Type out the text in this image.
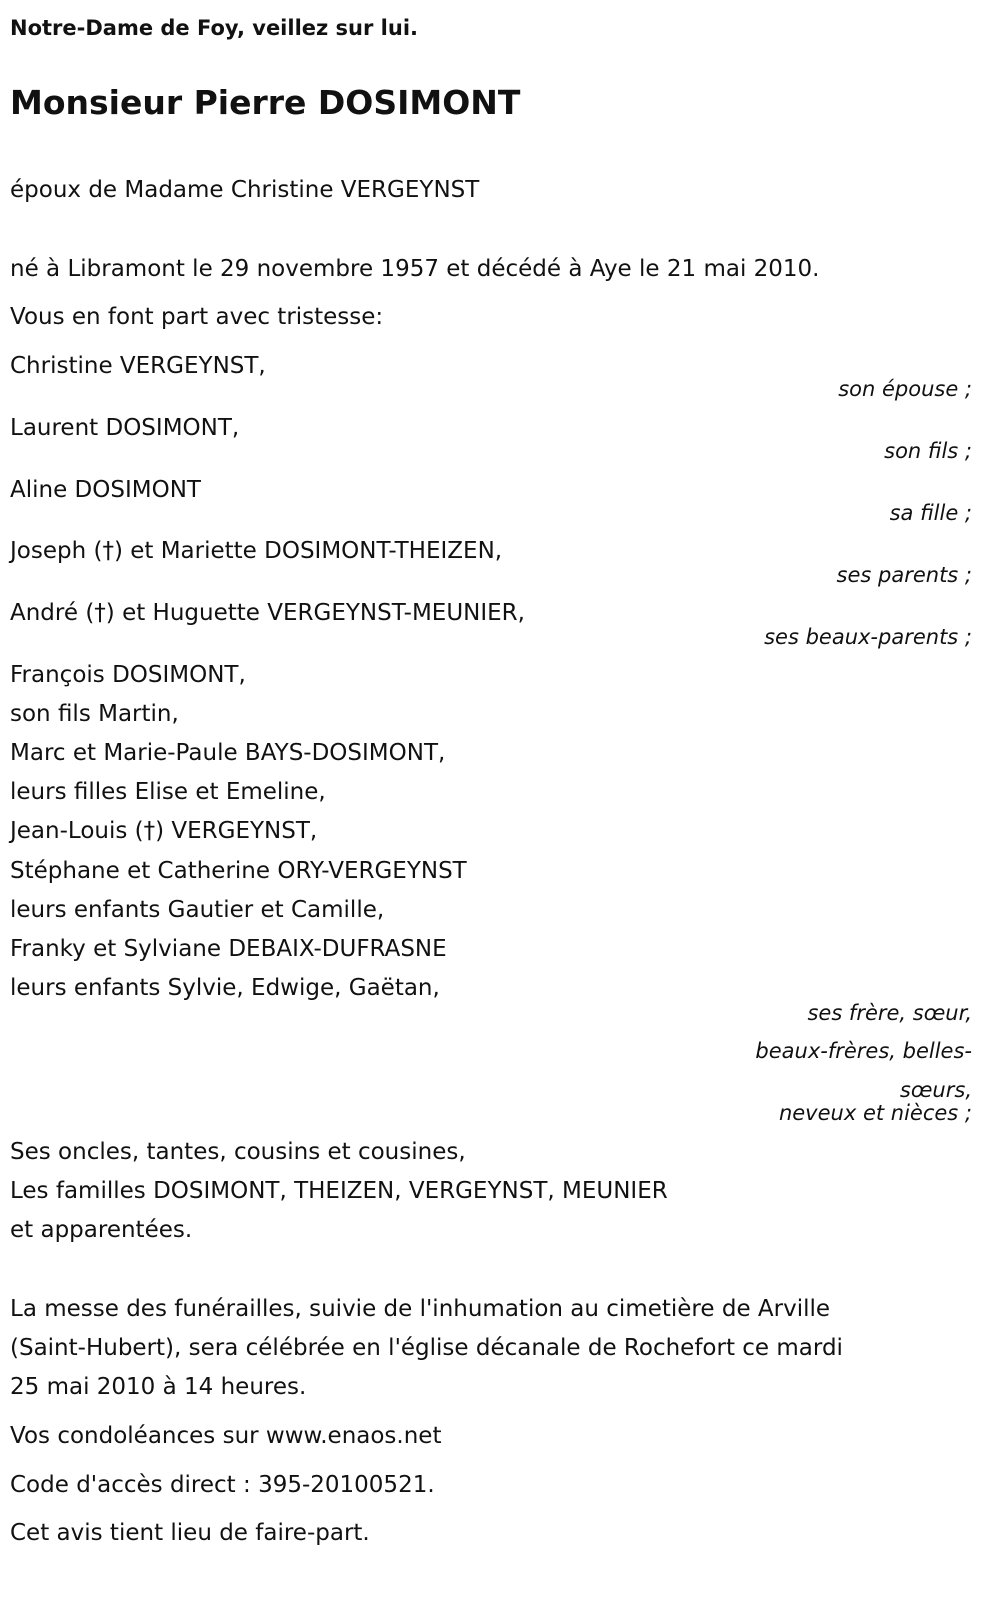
Notre-Dame de Foy, veillez sur lui.
Monsieur Pierre DOSIMONT
époux de Madame Christine VERGEYNST
né à Libramont le 29 novembre 1957 et décédé à Aye le 21 mai 2010.
Vous en font part avec tristesse:
Christine VERGEYNST,
son épouse ;
Laurent DOSIMONT,
son fils ;
Aline DOSIMONT
sa fille ;
Joseph (†) et Mariette DOSIMONT-THEIZEN,
ses parents ;
André (†) et Huguette VERGEYNST-MEUNIER,
ses beaux-parents ;
François DOSIMONT,
son fils Martin,
Marc et Marie-Paule BAYS-DOSIMONT,
leurs filles Elise et Emeline,
Jean-Louis (†) VERGEYNST,
Stéphane et Catherine ORY-VERGEYNST
leurs enfants Gautier et Camille,
Franky et Sylviane DEBAIX-DUFRASNE
leurs enfants Sylvie, Edwige, Gaëtan,
ses frère, sœur,
beaux-frères, belles-
sœurs,
neveux et nièces ;
Ses oncles, tantes, cousins et cousines,
Les familles DOSIMONT, THEIZEN, VERGEYNST, MEUNIER
et apparentées.
La messe des funérailles, suivie de l'inhumation au cimetière de Arville
(Saint-Hubert), sera célébrée en l'église décanale de Rochefort ce mardi
25 mai 2010 à 14 heures.
Vos condoléances sur www.enaos.net
Code d'accès direct : 395-20100521.
Cet avis tient lieu de faire-part.
